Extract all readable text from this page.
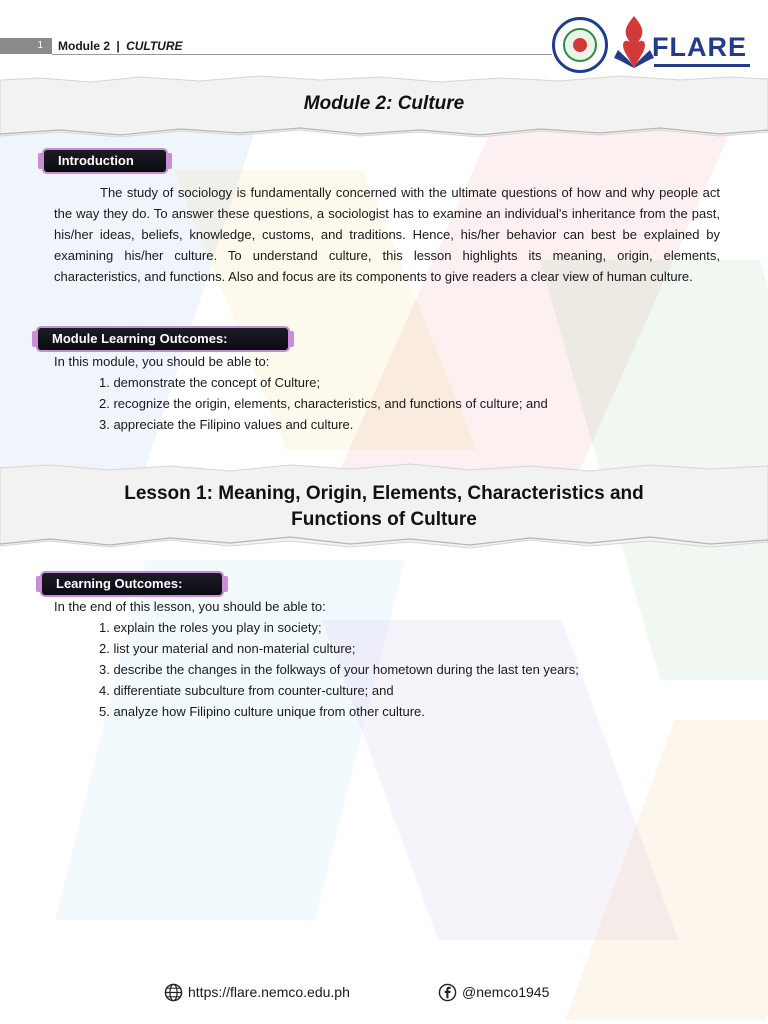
1	Module 2 | CULTURE	FLARE
Module 2: Culture
Introduction

The study of sociology is fundamentally concerned with the ultimate questions of how and why people act the way they do. To answer these questions, a sociologist has to examine an individual's inheritance from the past, his/her ideas, beliefs, knowledge, customs, and traditions. Hence, his/her behavior can best be explained by examining his/her culture. To understand culture, this lesson highlights its meaning, origin, elements, characteristics, and functions. Also and focus are its components to give readers a clear view of human culture.

Module Learning Outcomes:
In this module, you should be able to:
1. demonstrate the concept of Culture;
2. recognize the origin, elements, characteristics, and functions of culture; and
3. appreciate the Filipino values and culture.
Lesson 1: Meaning, Origin, Elements, Characteristics and
Functions of Culture
Learning Outcomes:
In the end of this lesson, you should be able to:
1. explain the roles you play in society;
2. list your material and non-material culture;
3. describe the changes in the folkways of your hometown during the last ten years;
4. differentiate subculture from counter-culture; and
5. analyze how Filipino culture unique from other culture.
https://flare.nemco.edu.ph	@nemco1945
